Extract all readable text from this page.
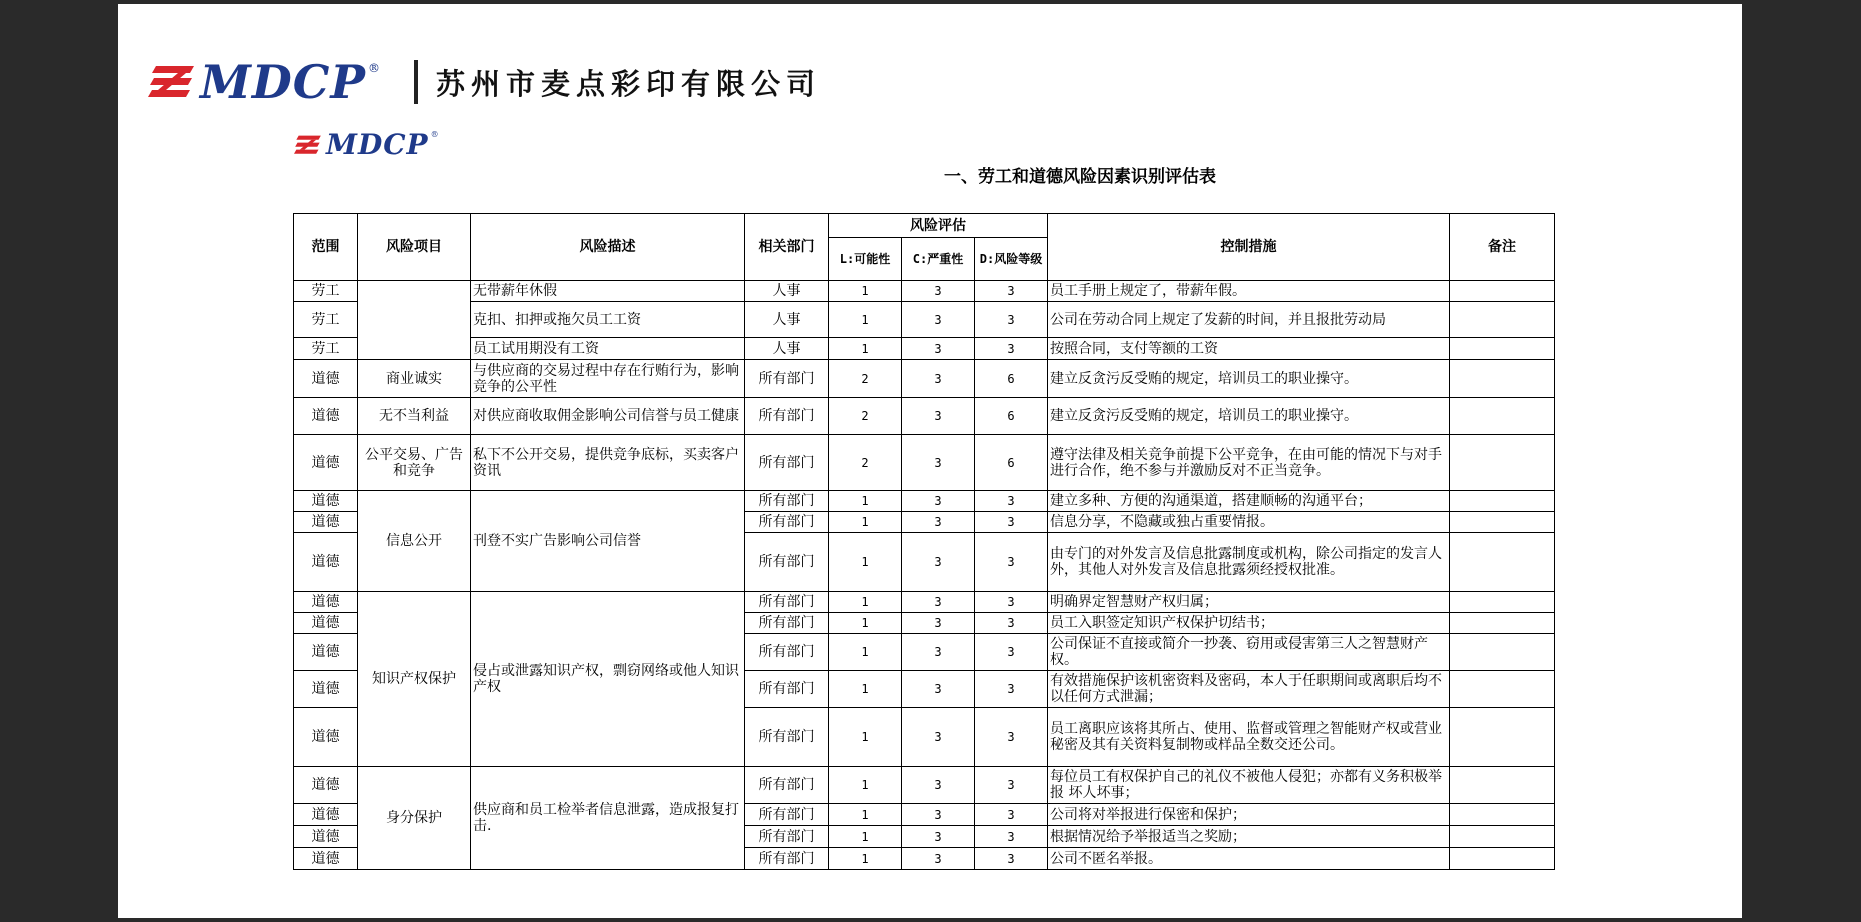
MDCP ® 苏州市麦点彩印有限公司
MDCP ®
一、劳工和道德风险因素识别评估表
范围	风险项目	风险描述	相关部门	风险评估			控制措施	备注
				L:可能性	C:严重性	D:风险等级		
劳工		无带薪年休假	人事	1	3	3	员工手册上规定了，带薪年假。	
劳工		克扣、扣押或拖欠员工工资	人事	1	3	3	公司在劳动合同上规定了发薪的时间，并且报批劳动局	
劳工		员工试用期没有工资	人事	1	3	3	按照合同，支付等额的工资	
道德	商业诚实	与供应商的交易过程中存在行贿行为，影响竞争的公平性	所有部门	2	3	6	建立反贪污反受贿的规定，培训员工的职业操守。	
道德	无不当利益	对供应商收取佣金影响公司信誉与员工健康	所有部门	2	3	6	建立反贪污反受贿的规定，培训员工的职业操守。	
道德	公平交易、广告和竞争	私下不公开交易，提供竞争底标，买卖客户资讯	所有部门	2	3	6	遵守法律及相关竞争前提下公平竞争，在由可能的情况下与对手进行合作，绝不参与并激励反对不正当竞争。	
道德	信息公开	刊登不实广告影响公司信誉	所有部门	1	3	3	建立多种、方便的沟通渠道，搭建顺畅的沟通平台；	
道德			所有部门	1	3	3	信息分享，不隐藏或独占重要情报。	
道德			所有部门	1	3	3	由专门的对外发言及信息批露制度或机构，除公司指定的发言人外，其他人对外发言及信息批露须经授权批准。	
道德	知识产权保护	侵占或泄露知识产权，剽窃网络或他人知识产权	所有部门	1	3	3	明确界定智慧财产权归属；	
道德			所有部门	1	3	3	员工入职签定知识产权保护切结书；	
道德			所有部门	1	3	3	公司保证不直接或简介一抄袭、窃用或侵害第三人之智慧财产权。	
道德			所有部门	1	3	3	有效措施保护该机密资料及密码，本人于任职期间或离职后均不以任何方式泄漏；	
道德			所有部门	1	3	3	员工离职应该将其所占、使用、监督或管理之智能财产权或营业秘密及其有关资料复制物或样品全数交还公司。	
道德	身分保护	供应商和员工检举者信息泄露，造成报复打击.	所有部门	1	3	3	每位员工有权保护自己的礼仪不被他人侵犯；亦都有义务积极举报 坏人坏事；	
道德			所有部门	1	3	3	公司将对举报进行保密和保护；	
道德			所有部门	1	3	3	根据情况给予举报适当之奖励；	
道德			所有部门	1	3	3	公司不匿名举报。	
